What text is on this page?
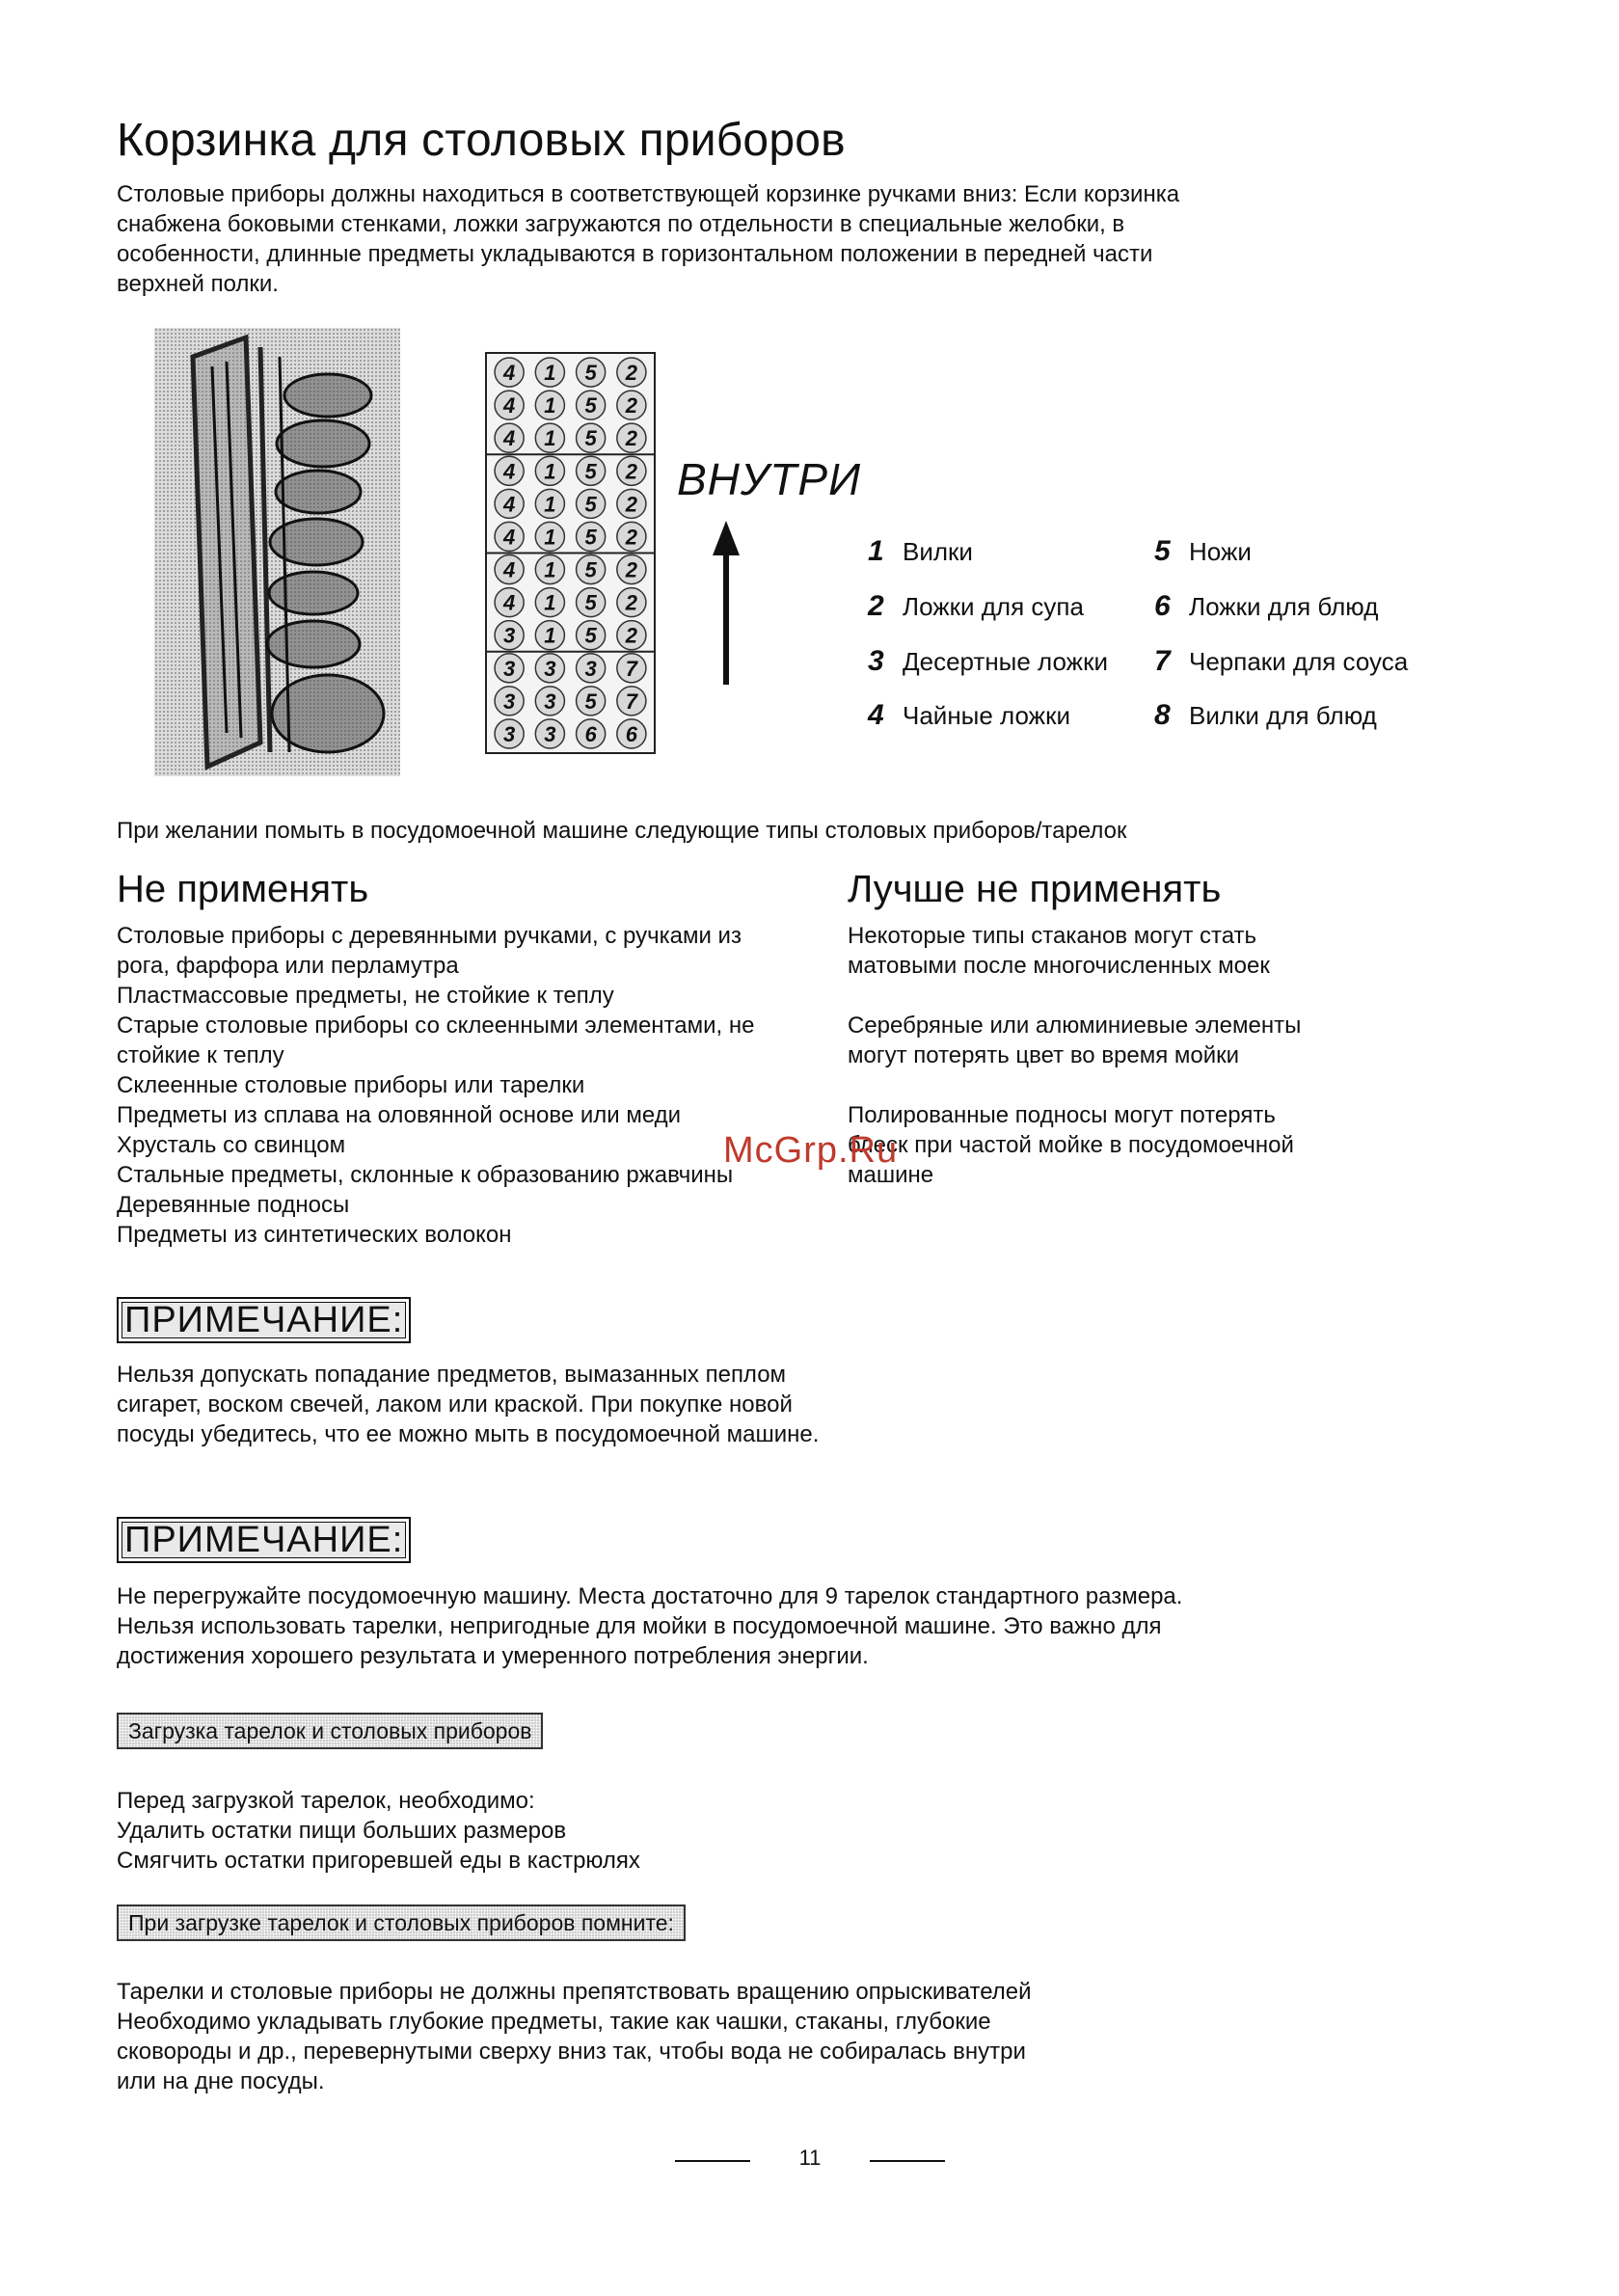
Корзинка для столовых приборов
Столовые приборы должны находиться в соответствующей корзинке ручками вниз: Если корзинка
снабжена боковыми стенками, ложки загружаются по отдельности в специальные желобки, в
особенности, длинные предметы укладываются в горизонтальном положении в передней части
верхней полки.
4 1 5 2
4 1 5 2
4 1 5 2
4 1 5 2
4 1 5 2
4 1 5 2
4 1 5 2
4 1 5 2
3 1 5 2
3 3 3 7
3 3 5 7
3 3 6 6
ВНУТРИ
1 Вилки
2 Ложки для супа
3 Десертные ложки
4 Чайные ложки
5 Ножи
6 Ложки для блюд
7 Черпаки для соуса
8 Вилки для блюд
При желании помыть в посудомоечной машине следующие типы столовых приборов/тарелок
Не применять	Лучше не применять
Столовые приборы с деревянными ручками, с ручками из
рога, фарфора или перламутра
Пластмассовые предметы, не стойкие к теплу
Старые столовые приборы со склеенными элементами, не
стойкие к теплу
Склеенные столовые приборы или тарелки
Предметы из сплава на оловянной основе или меди
Хрусталь со свинцом
Стальные предметы, склонные к образованию ржавчины
Деревянные подносы
Предметы из синтетических волокон

Некоторые типы стаканов могут стать
матовыми после многочисленных моек

Серебряные или алюминиевые элементы
могут потерять цвет во время мойки

Полированные подносы могут потерять
блеск при частой мойке в посудомоечной
машине

McGrp.Ru
ПРИМЕЧАНИЕ:
Нельзя допускать попадание предметов, вымазанных пеплом
сигарет, воском свечей, лаком или краской. При покупке новой
посуды убедитесь, что ее можно мыть в посудомоечной машине.
ПРИМЕЧАНИЕ:
Не перегружайте посудомоечную машину. Места достаточно для 9 тарелок стандартного размера.
Нельзя использовать тарелки, непригодные для мойки в посудомоечной машине. Это важно для
достижения хорошего результата и умеренного потребления энергии.
Загрузка тарелок и столовых приборов
Перед загрузкой тарелок, необходимо:
Удалить остатки пищи больших размеров
Смягчить остатки пригоревшей еды в кастрюлях
При загрузке тарелок и столовых приборов помните:
Тарелки и столовые приборы не должны препятствовать вращению опрыскивателей
Необходимо укладывать глубокие предметы, такие как чашки, стаканы, глубокие
сковороды и др., перевернутыми сверху вниз так, чтобы вода не собиралась внутри
или на дне посуды.
11
